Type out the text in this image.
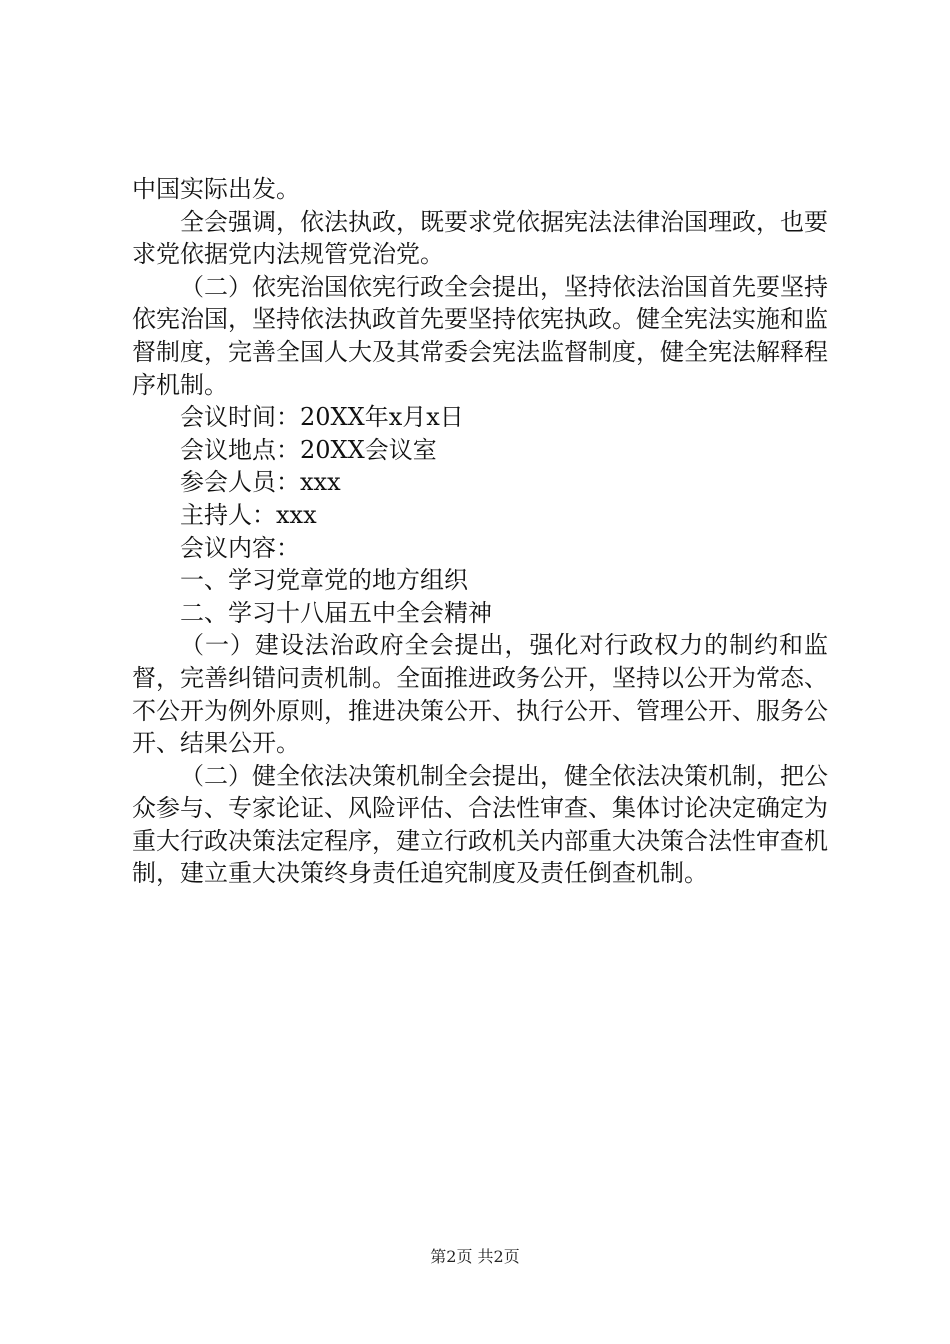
中国实际出发。

全会强调，依法执政，既要求党依据宪法法律治国理政，也要求党依据党内法规管党治党。

（二）依宪治国依宪行政全会提出，坚持依法治国首先要坚持依宪治国，坚持依法执政首先要坚持依宪执政。健全宪法实施和监督制度，完善全国人大及其常委会宪法监督制度，健全宪法解释程序机制。

会议时间：20XX年x月x日

会议地点：20XX会议室

参会人员：xxx

主持人：xxx

会议内容：

一、学习党章党的地方组织

二、学习十八届五中全会精神

（一）建设法治政府全会提出，强化对行政权力的制约和监督，完善纠错问责机制。全面推进政务公开，坚持以公开为常态、不公开为例外原则，推进决策公开、执行公开、管理公开、服务公开、结果公开。

（二）健全依法决策机制全会提出，健全依法决策机制，把公众参与、专家论证、风险评估、合法性审查、集体讨论决定确定为重大行政决策法定程序，建立行政机关内部重大决策合法性审查机制，建立重大决策终身责任追究制度及责任倒查机制。

第2页 共2页
